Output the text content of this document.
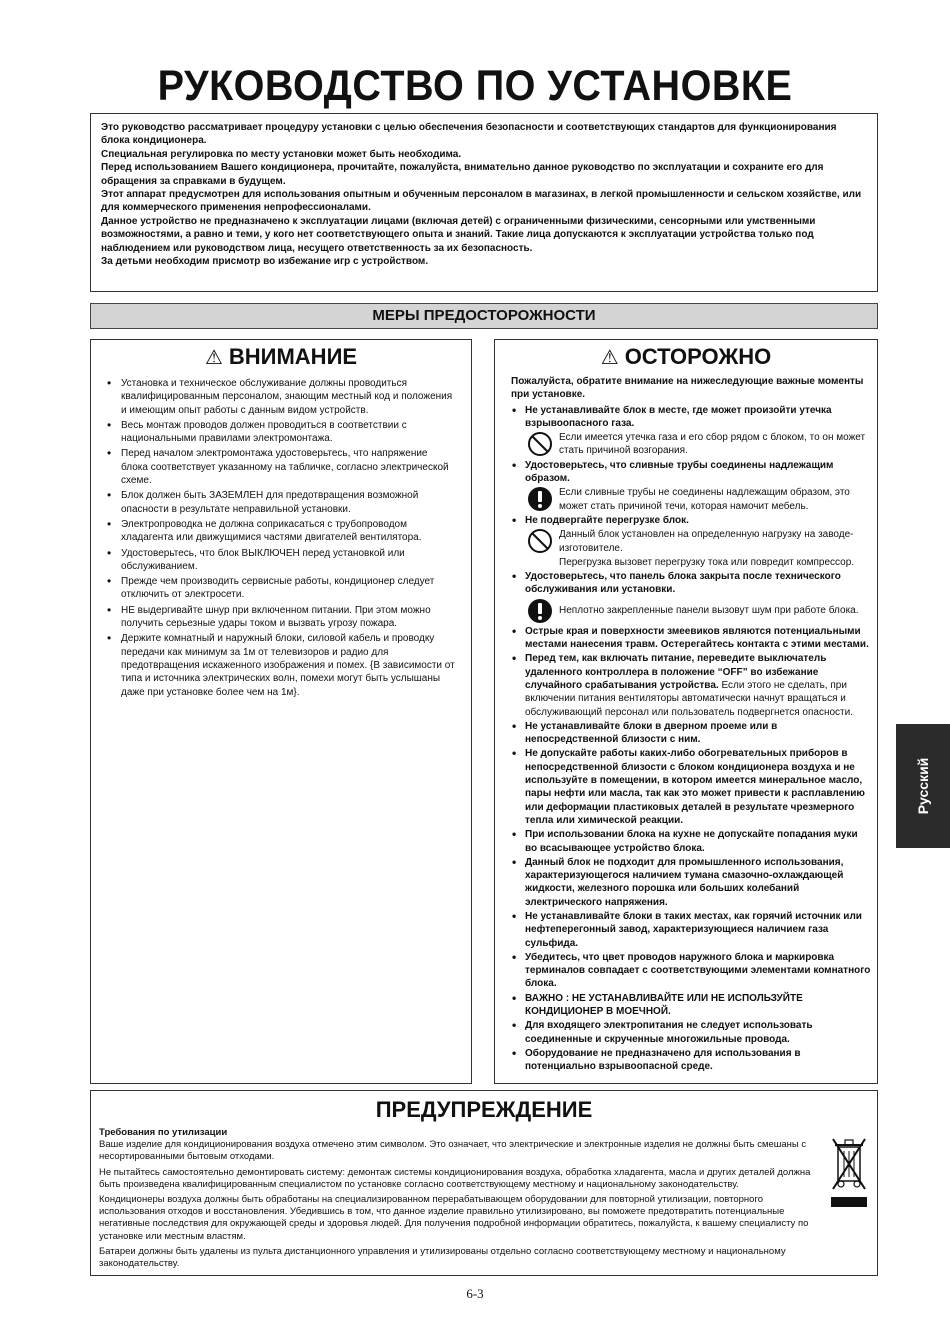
РУКОВОДСТВО ПО УСТАНОВКЕ

Это руководство рассматривает процедуру установки с целью обеспечения безопасности и соответствующих стандартов для функционирования блока кондиционера.

Специальная регулировка по месту установки может быть необходима.

Перед использованием Вашего кондиционера, прочитайте, пожалуйста, внимательно данное руководство по эксплуатации и сохраните его для обращения за справками в будущем.

Этот аппарат предусмотрен для использования опытным и обученным персоналом в магазинах, в легкой промышленности и сельском хозяйстве, или для коммерческого применения непрофессионалами.

Данное устройство не предназначено к эксплуатации лицами (включая детей) с ограниченными физическими, сенсорными или умственными возможностями, а равно и теми, у кого нет соответствующего опыта и знаний. Такие лица допускаются к эксплуатации устройства только под наблюдением или руководством лица, несущего ответственность за их безопасность.

За детьми необходим присмотр во избежание игр с устройством.

МЕРЫ ПРЕДОСТОРОЖНОСТИ
⚠ ВНИМАНИЕ
• Установка и техническое обслуживание должны проводиться квалифицированным персоналом, знающим местный код и положения и имеющим опыт работы с данным видом устройств.
• Весь монтаж проводов должен проводиться в соответствии с национальными правилами электромонтажа.
• Перед началом электромонтажа удостоверьтесь, что напряжение блока соответствует указанному на табличке, согласно электрической схеме.
• Блок должен быть ЗАЗЕМЛЕН для предотвращения возможной опасности в результате неправильной установки.
• Электропроводка не должна соприкасаться с трубопроводом хладагента или движущимися частями двигателей вентилятора.
• Удостоверьтесь, что блок ВЫКЛЮЧЕН перед установкой или обслуживанием.
• Прежде чем производить сервисные работы, кондиционер следует отключить от электросети.
• НЕ выдергивайте шнур при включенном питании. При этом можно получить серьезные удары током и вызвать угрозу пожара.
• Держите комнатный и наружный блоки, силовой кабель и проводку передачи как минимум за 1м от телевизоров и радио для предотвращения искаженного изображения и помех. {В зависимости от типа и источника электрических волн, помехи могут быть услышаны даже при установке более чем на 1м}.
⚠ ОСТОРОЖНО

Пожалуйста, обратите внимание на нижеследующие важные моменты при установке.

• Не устанавливайте блок в месте, где может произойти утечка взрывоопасного газа.
Если имеется утечка газа и его сбор рядом с блоком, то он может стать причиной возгорания.
• Удостоверьтесь, что сливные трубы соединены надлежащим образом.
Если сливные трубы не соединены надлежащим образом, это может стать причиной течи, которая намочит мебель.
• Не подвергайте перегрузке блок.
Данный блок установлен на определенную нагрузку на заводе-изготовителе.
Перегрузка вызовет перегрузку тока или повредит компрессор.
• Удостоверьтесь, что панель блока закрыта после технического обслуживания или установки.
Неплотно закрепленные панели вызовут шум при работе блока.
• Острые края и поверхности змеевиков являются потенциальными местами нанесения травм. Остерегайтесь контакта с этими местами.
• Перед тем, как включать питание, переведите выключатель удаленного контроллера в положение “OFF” во избежание случайного срабатывания устройства. Если этого не сделать, при включении питания вентиляторы автоматически начнут вращаться и обслуживающий персонал или пользователь подвергнется опасности.
• Не устанавливайте блоки в дверном проеме или в непосредственной близости с ним.
• Не допускайте работы каких-либо обогревательных приборов в непосредственной близости с блоком кондиционера воздуха и не используйте в помещении, в котором имеется минеральное масло, пары нефти или масла, так как это может привести к расплавлению или деформации пластиковых деталей в результате чрезмерного тепла или химической реакции.
• При использовании блока на кухне не допускайте попадания муки во всасывающее устройство блока.
• Данный блок не подходит для промышленного использования, характеризующегося наличием тумана смазочно-охлаждающей жидкости, железного порошка или больших колебаний электрического напряжения.
• Не устанавливайте блоки в таких местах, как горячий источник или нефтеперегонный завод, характеризующиеся наличием газа сульфида.
• Убедитесь, что цвет проводов наружного блока и маркировка терминалов совпадает с соответствующими элементами комнатного блока.
• ВАЖНО : НЕ УСТАНАВЛИВАЙТЕ ИЛИ НЕ ИСПОЛЬЗУЙТЕ КОНДИЦИОНЕР В МОЕЧНОЙ.
• Для входящего электропитания не следует использовать соединенные и скрученные многожильные провода.
• Оборудование не предназначено для использования в потенциально взрывоопасной среде.
Русский
ПРЕДУПРЕЖДЕНИЕ

Требования по утилизации

Ваше изделие для кондиционирования воздуха отмечено этим символом. Это означает, что электрические и электронные изделия не должны быть смешаны с несортированными бытовым отходами.

Не пытайтесь самостоятельно демонтировать систему: демонтаж системы кондиционирования воздуха, обработка хладагента, масла и других деталей должна быть произведена квалифицированным специалистом по установке согласно соответствующему местному и национальному законодательству.

Кондиционеры воздуха должны быть обработаны на специализированном перерабатывающем оборудовании для повторной утилизации, повторного использования отходов и восстановления. Убедившись в том, что данное изделие правильно утилизировано, вы поможете предотвратить потенциальные негативные последствия для окружающей среды и здоровья людей. Для получения подробной информации обратитесь, пожалуйста, к вашему специалисту по установке или местным властям.

Батареи должны быть удалены из пульта дистанционного управления и утилизированы отдельно согласно соответствующему местному и национальному законодательству.

6-3
